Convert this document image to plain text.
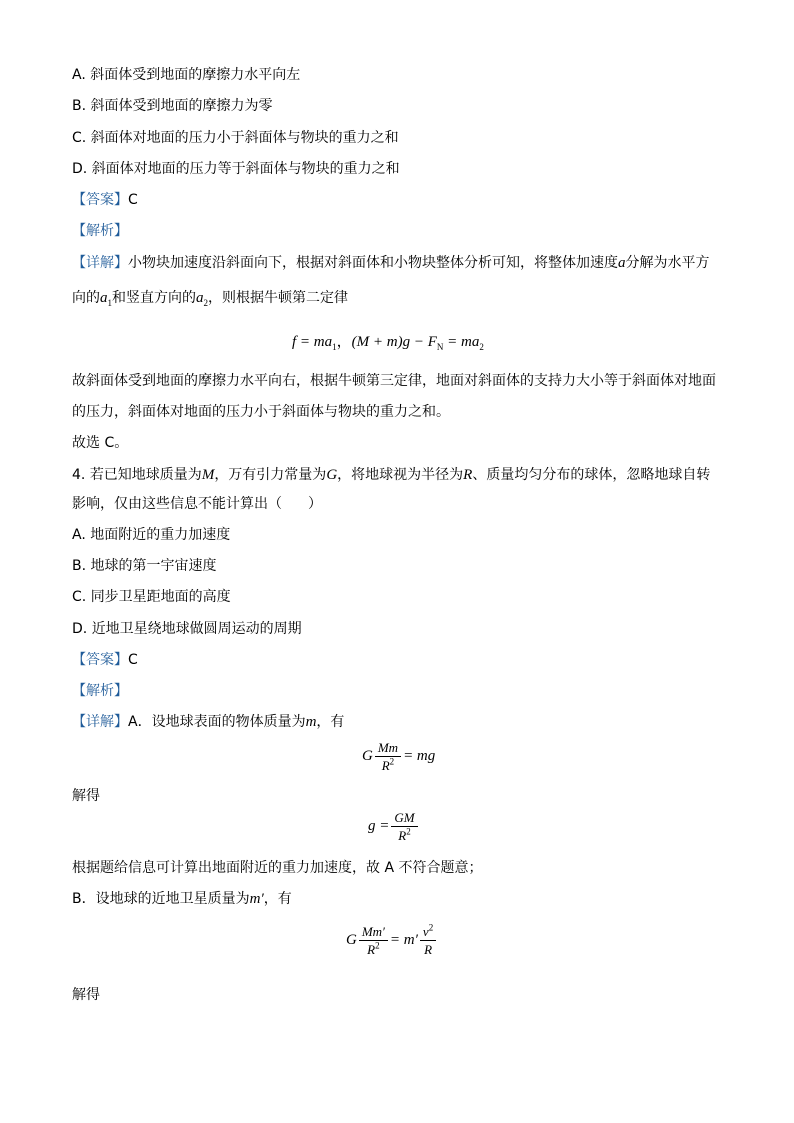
A. 斜面体受到地面的摩擦力水平向左
B. 斜面体受到地面的摩擦力为零
C. 斜面体对地面的压力小于斜面体与物块的重力之和
D. 斜面体对地面的压力等于斜面体与物块的重力之和
【答案】C
【解析】
【详解】小物块加速度沿斜面向下，根据对斜面体和小物块整体分析可知，将整体加速度a分解为水平方
向的$a_1$和竖直方向的$a_2$，则根据牛顿第二定律
$f = ma_1$，$(M + m)g - F_N = ma_2$
故斜面体受到地面的摩擦力水平向右，根据牛顿第三定律，地面对斜面体的支持力大小等于斜面体对地面
的压力，斜面体对地面的压力小于斜面体与物块的重力之和。
故选 C。
4. 若已知地球质量为M，万有引力常量为G，将地球视为半径为R、质量均匀分布的球体，忽略地球自转
影响，仅由这些信息不能计算出（ ）
A. 地面附近的重力加速度
B. 地球的第一宇宙速度
C. 同步卫星距地面的高度
D. 近地卫星绕地球做圆周运动的周期
【答案】C
【解析】
【详解】A．设地球表面的物体质量为m，有
G $\frac{Mm}{R^2}$ = mg
解得
$g = \frac{GM}{R^2}$
根据题给信息可计算出地面附近的重力加速度，故 A 不符合题意；
B．设地球的近地卫星质量为m′，有
G $\frac{Mm'}{R^2} = m' \frac{v^2}{R}$
解得
